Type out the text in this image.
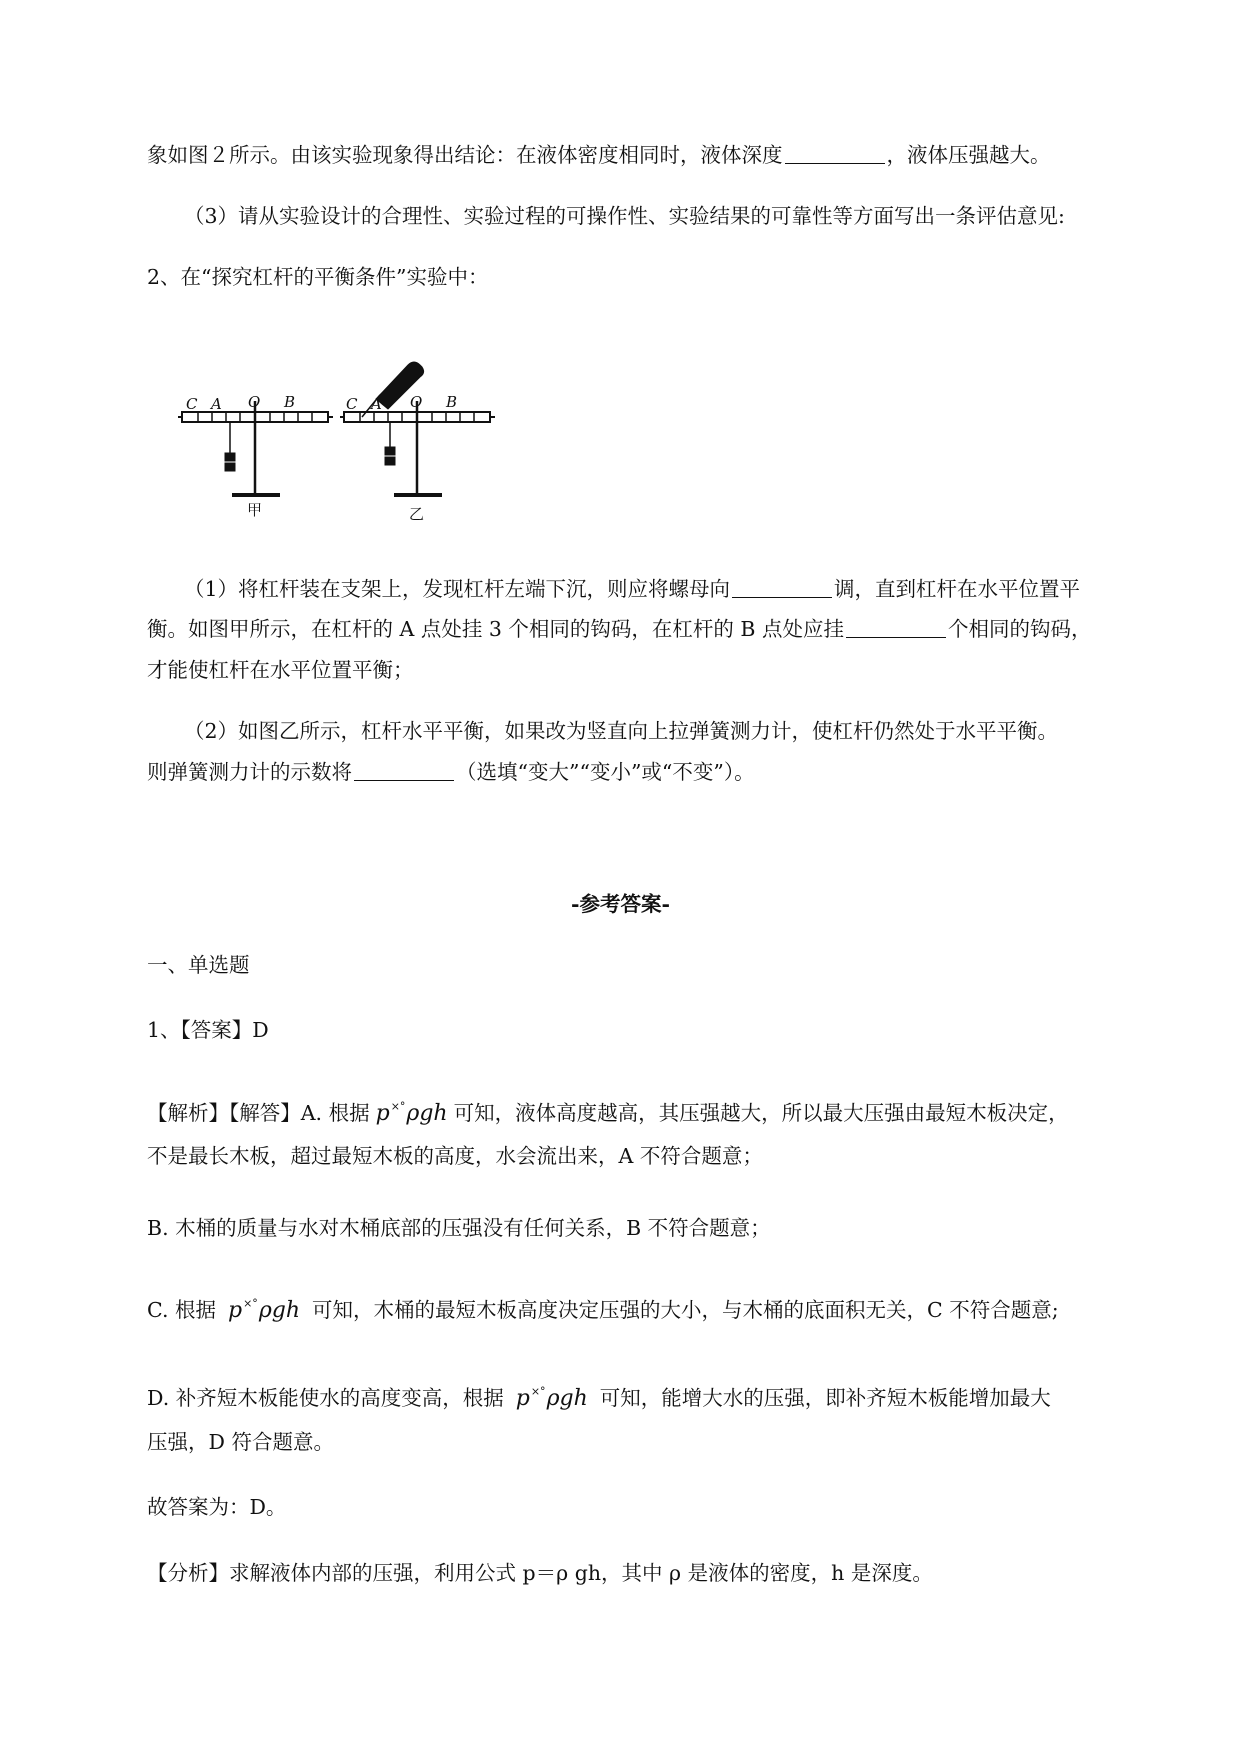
象如图２所示。由该实验现象得出结论：在液体密度相同时，液体深度	，液体压强越大。
（3）请从实验设计的合理性、实验过程的可操作性、实验结果的可靠性等方面写出一条评估意见:
2、在“探究杠杆的平衡条件”实验中：
C A O B
甲
C A O B
乙
（1）将杠杆装在支架上，发现杠杆左端下沉，则应将螺母向	调，直到杠杆在水平位置平
衡。如图甲所示，在杠杆的 A 点处挂 3 个相同的钩码，在杠杆的 B 点处应挂	个相同的钩码，
才能使杠杆在水平位置平衡；
（2）如图乙所示，杠杆水平平衡，如果改为竖直向上拉弹簧测力计，使杠杆仍然处于水平平衡。
则弹簧测力计的示数将	（选填“变大”“变小”或“不变”）。
-参考答案-
一、单选题
1、【答案】D
【解析】【解答】A. 根据 p×°ρgh 可知，液体高度越高，其压强越大，所以最大压强由最短木板决定，
不是最长木板，超过最短木板的高度，水会流出来，A 不符合题意；
B. 木桶的质量与水对木桶底部的压强没有任何关系，B 不符合题意；
C. 根据 p×°ρgh 可知，木桶的最短木板高度决定压强的大小，与木桶的底面积无关，C 不符合题意;
D. 补齐短木板能使水的高度变高，根据 p×°ρgh 可知，能增大水的压强，即补齐短木板能增加最大
压强，D 符合题意。
故答案为：D。
【分析】求解液体内部的压强，利用公式 p＝ρ gh，其中 ρ 是液体的密度，h 是深度。
